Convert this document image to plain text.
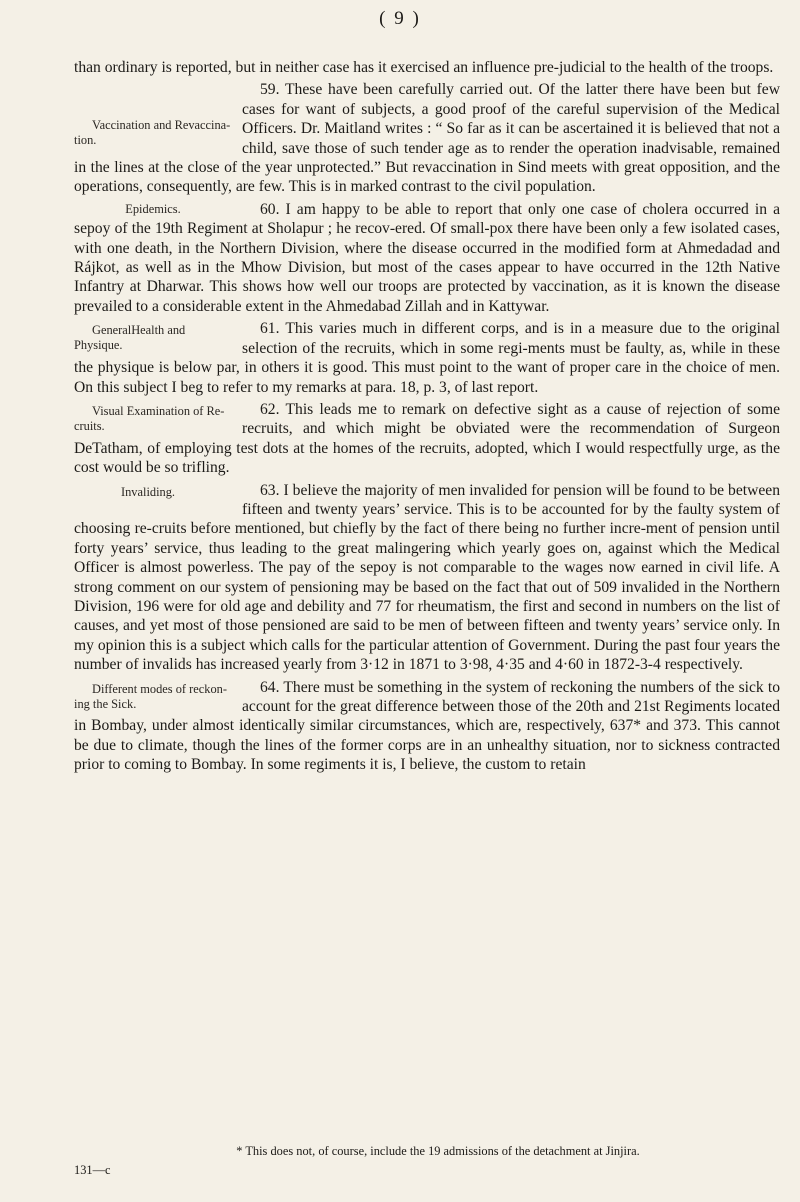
( 9 )

than ordinary is reported, but in neither case has it exercised an influence pre-judicial to the health of the troops.

Vaccination and Revaccina-tion.
59. These have been carefully carried out. Of the latter there have been but few cases for want of subjects, a good proof of the careful supervision of the Medical Officers. Dr. Maitland writes : “ So far as it can be ascertained it is believed that not a child, save those of such tender age as to render the operation inadvisable, remained in the lines at the close of the year unprotected.” But revaccination in Sind meets with great opposition, and the operations, consequently, are few. This is in marked contrast to the civil population.

Epidemics.	60. I am happy to be able to report that only one case of cholera occurred in a sepoy of the 19th Regiment at Sholapur ; he recov-ered. Of small-pox there have been only a few isolated cases, with one death, in the Northern Division, where the disease occurred in the modified form at Ahmedadad and Rájkot, as well as in the Mhow Division, but most of the cases appear to have occurred in the 12th Native Infantry at Dharwar. This shows how well our troops are protected by vaccination, as it is known the disease prevailed to a considerable extent in the Ahmedabad Zillah and in Kattywar.

GeneralHealth and Physique.
61. This varies much in different corps, and is in a measure due to the original selection of the recruits, which in some regi-ments must be faulty, as, while in these the physique is below par, in others it is good. This must point to the want of proper care in the choice of men. On this subject I beg to refer to my remarks at para. 18, p. 3, of last report.

Visual Examination of Re-cruits.
62. This leads me to remark on defective sight as a cause of rejection of some recruits, and which might be obviated were the recommendation of Surgeon DeTatham, of employing test dots at the homes of the recruits, adopted, which I would respectfully urge, as the cost would be so trifling.

Invaliding.	63. I believe the majority of men invalided for pension will be found to be between fifteen and twenty years’ service. This is to be accounted for by the faulty system of choosing re-cruits before mentioned, but chiefly by the fact of there being no further incre-ment of pension until forty years’ service, thus leading to the great malingering which yearly goes on, against which the Medical Officer is almost powerless. The pay of the sepoy is not comparable to the wages now earned in civil life. A strong comment on our system of pensioning may be based on the fact that out of 509 invalided in the Northern Division, 196 were for old age and debility and 77 for rheumatism, the first and second in numbers on the list of causes, and yet most of those pensioned are said to be men of between fifteen and twenty years’ service only. In my opinion this is a subject which calls for the particular attention of Government. During the past four years the number of invalids has increased yearly from 3·12 in 1871 to 3·98, 4·35 and 4·60 in 1872-3-4 respectively.

Different modes of reckon-ing the Sick.
64. There must be something in the system of reckoning the numbers of the sick to account for the great difference between those of the 20th and 21st Regiments located in Bombay, under almost identically similar circumstances, which are, respectively, 637* and 373. This cannot be due to climate, though the lines of the former corps are in an unhealthy situation, nor to sickness contracted prior to coming to Bombay. In some regiments it is, I believe, the custom to retain

* This does not, of course, include the 19 admissions of the detachment at Jinjira.
131—c
